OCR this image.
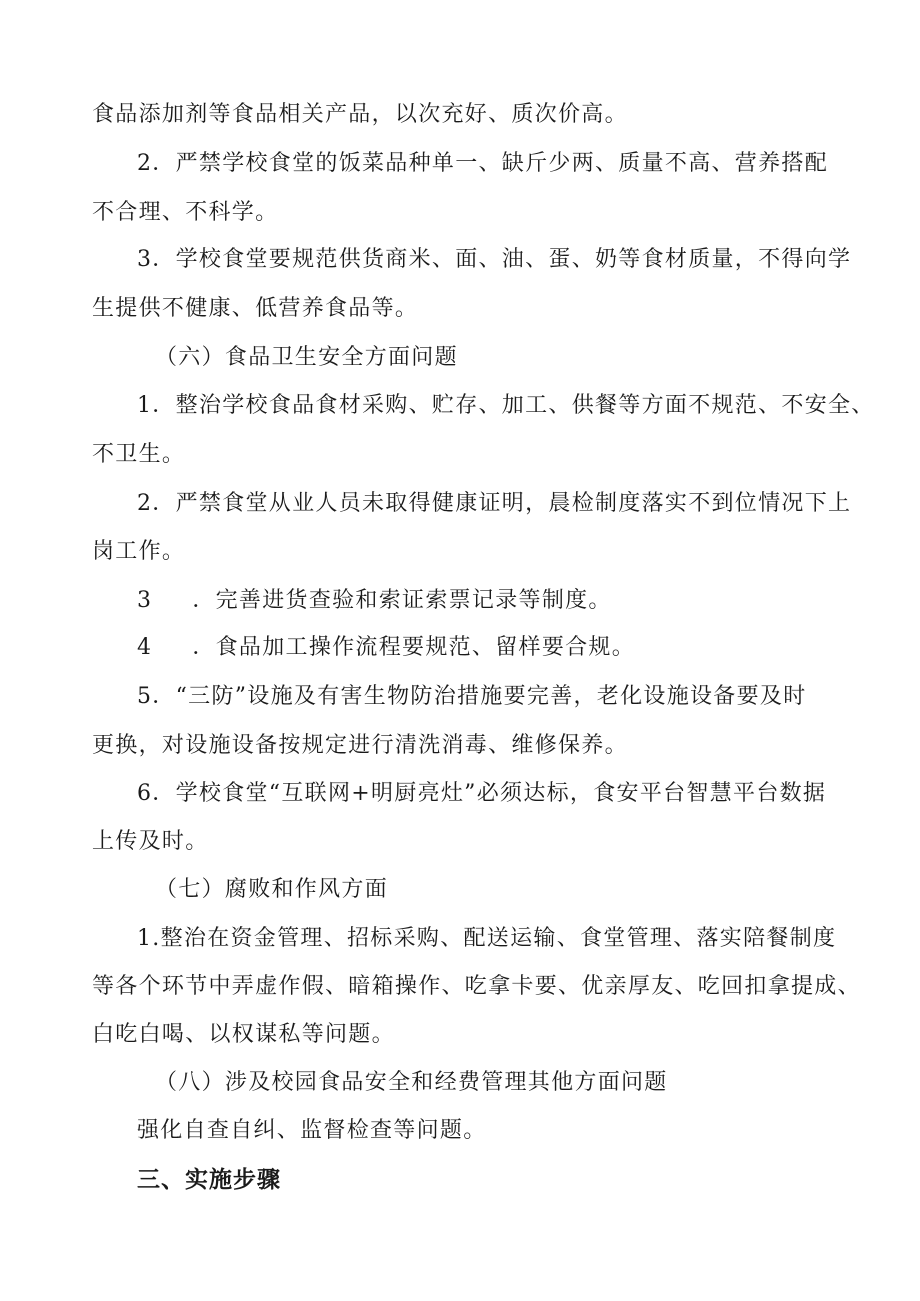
食品添加剂等食品相关产品，以次充好、质次价高。
2．严禁学校食堂的饭菜品种单一、缺斤少两、质量不高、营养搭配
不合理、不科学。
3．学校食堂要规范供货商米、面、油、蛋、奶等食材质量，不得向学
生提供不健康、低营养食品等。
（六）食品卫生安全方面问题
1．整治学校食品食材采购、贮存、加工、供餐等方面不规范、不安全、
不卫生。
2．严禁食堂从业人员未取得健康证明，晨检制度落实不到位情况下上
岗工作。
3 ．完善进货查验和索证索票记录等制度。
4 ．食品加工操作流程要规范、留样要合规。
5．“三防”设施及有害生物防治措施要完善，老化设施设备要及时
更换，对设施设备按规定进行清洗消毒、维修保养。
6．学校食堂“互联网+明厨亮灶”必须达标，食安平台智慧平台数据
上传及时。
（七）腐败和作风方面
1.整治在资金管理、招标采购、配送运输、食堂管理、落实陪餐制度
等各个环节中弄虚作假、暗箱操作、吃拿卡要、优亲厚友、吃回扣拿提成、
白吃白喝、以权谋私等问题。
（八）涉及校园食品安全和经费管理其他方面问题
强化自查自纠、监督检查等问题。
三、实施步骤
